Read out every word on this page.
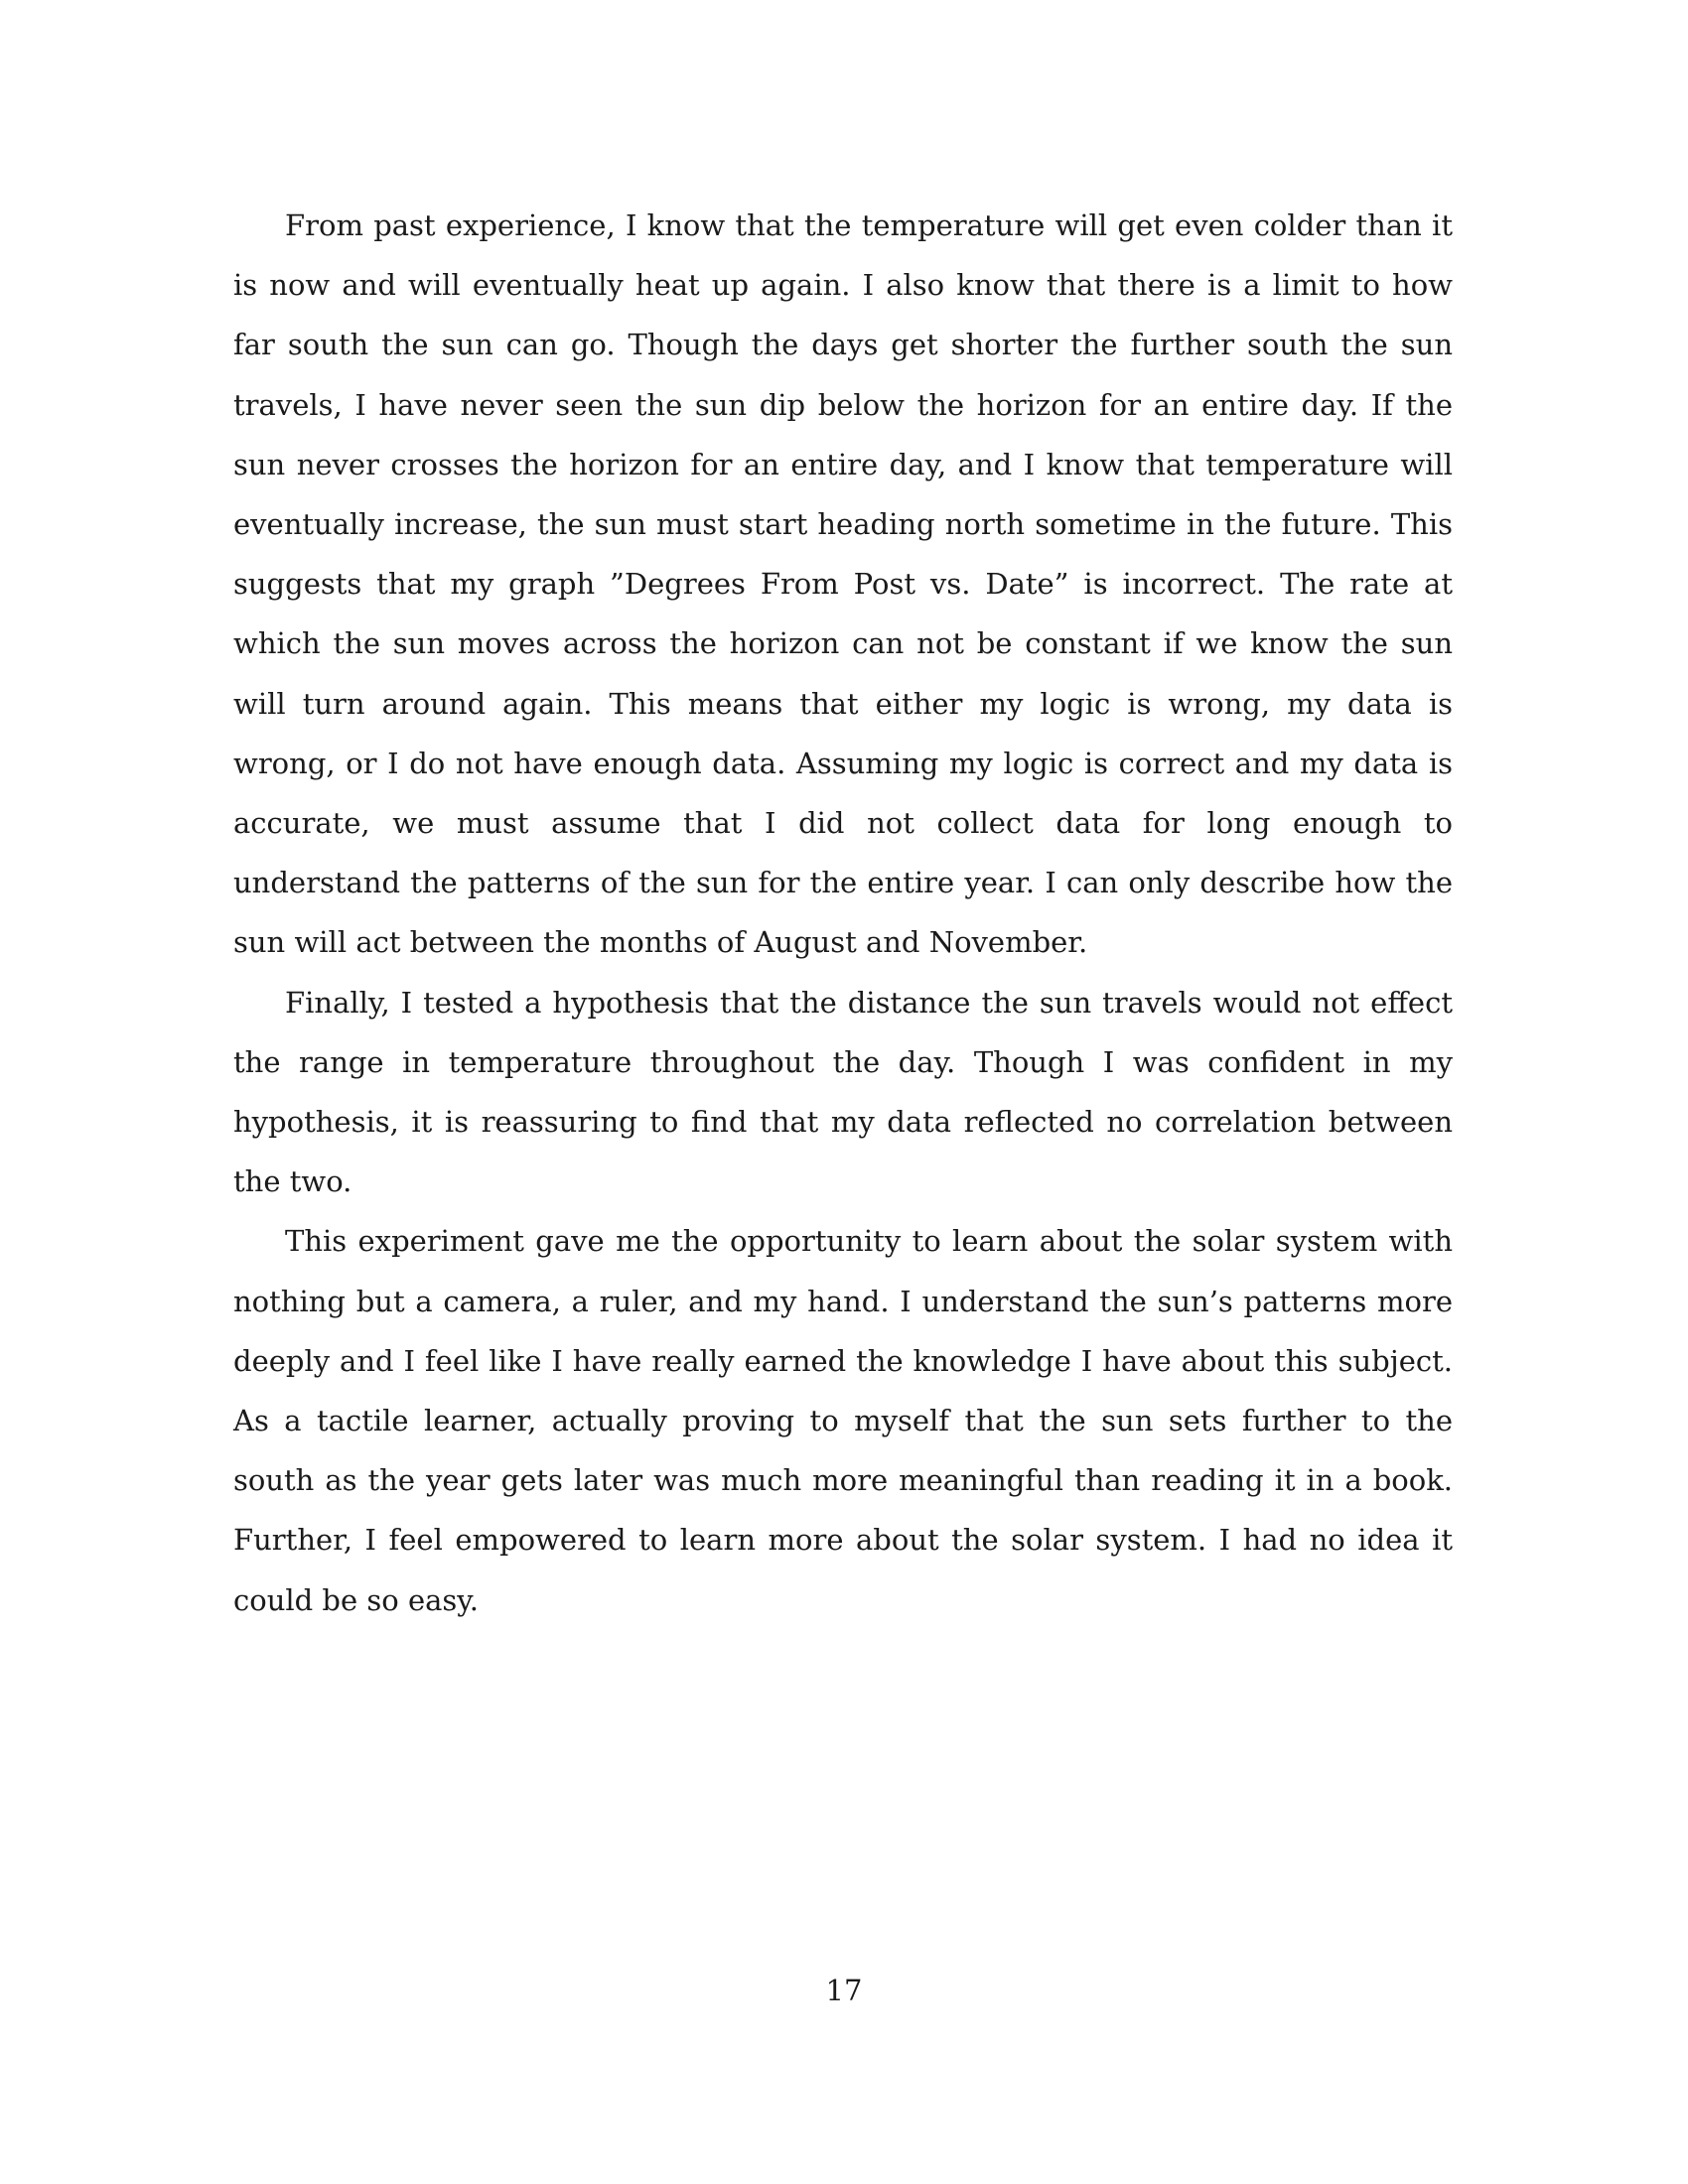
From past experience, I know that the temperature will get even colder than it is now and will eventually heat up again. I also know that there is a limit to how far south the sun can go. Though the days get shorter the further south the sun travels, I have never seen the sun dip below the horizon for an entire day. If the sun never crosses the horizon for an entire day, and I know that temperature will eventually increase, the sun must start heading north sometime in the future. This suggests that my graph ”Degrees From Post vs. Date” is incorrect. The rate at which the sun moves across the horizon can not be constant if we know the sun will turn around again. This means that either my logic is wrong, my data is wrong, or I do not have enough data. Assuming my logic is correct and my data is accurate, we must assume that I did not collect data for long enough to understand the patterns of the sun for the entire year. I can only describe how the sun will act between the months of August and November.

Finally, I tested a hypothesis that the distance the sun travels would not effect the range in temperature throughout the day. Though I was confident in my hypothesis, it is reassuring to find that my data reflected no correlation between the two.

This experiment gave me the opportunity to learn about the solar system with nothing but a camera, a ruler, and my hand. I understand the sun’s patterns more deeply and I feel like I have really earned the knowledge I have about this subject. As a tactile learner, actually proving to myself that the sun sets further to the south as the year gets later was much more meaningful than reading it in a book. Further, I feel empowered to learn more about the solar system. I had no idea it could be so easy.

17
